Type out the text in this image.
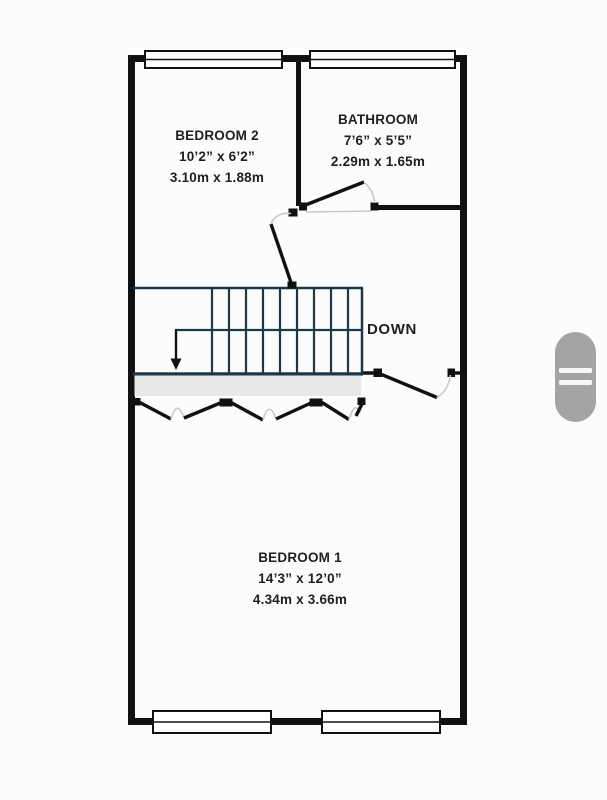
BEDROOM 2
10’2” x 6’2”
3.10m x 1.88m
BATHROOM
7’6” x 5’5”
2.29m x 1.65m
BEDROOM 1
14’3” x 12’0”
4.34m x 3.66m
DOWN
